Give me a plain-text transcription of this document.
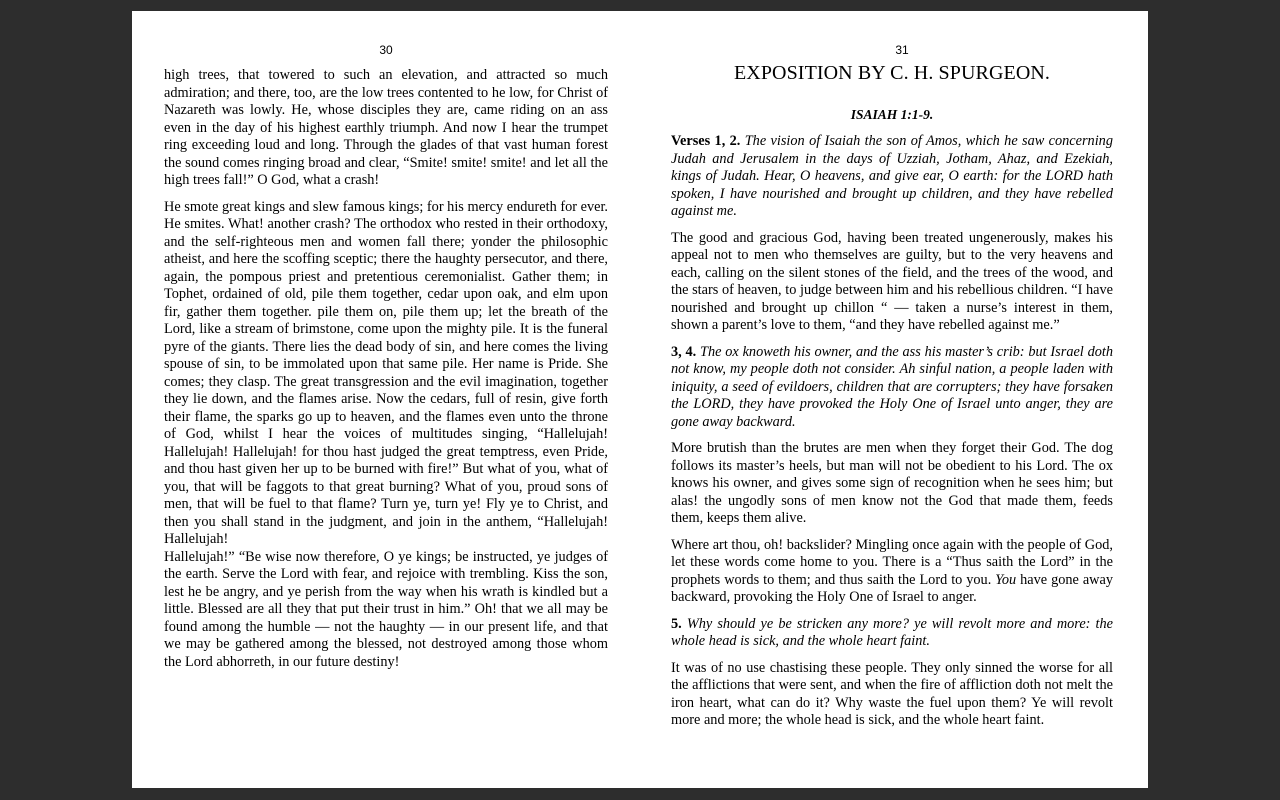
30

high trees, that towered to such an elevation, and attracted so much admiration; and there, too, are the low trees contented to he low, for Christ of Nazareth was lowly. He, whose disciples they are, came riding on an ass even in the day of his highest earthly triumph. And now I hear the trumpet ring exceeding loud and long. Through the glades of that vast human forest the sound comes ringing broad and clear, “Smite! smite! smite! and let all the high trees fall!” O God, what a crash!

He smote great kings and slew famous kings; for his mercy endureth for ever. He smites. What! another crash? The orthodox who rested in their orthodoxy, and the self-righteous men and women fall there; yonder the philosophic atheist, and here the scoffing sceptic; there the haughty persecutor, and there, again, the pompous priest and pretentious ceremonialist. Gather them; in Tophet, ordained of old, pile them together, cedar upon oak, and elm upon fir, gather them together. pile them on, pile them up; let the breath of the Lord, like a stream of brimstone, come upon the mighty pile. It is the funeral pyre of the giants. There lies the dead body of sin, and here comes the living spouse of sin, to be immolated upon that same pile. Her name is Pride. She comes; they clasp. The great transgression and the evil imagination, together they lie down, and the flames arise. Now the cedars, full of resin, give forth their flame, the sparks go up to heaven, and the flames even unto the throne of God, whilst I hear the voices of multitudes singing, “Hallelujah! Hallelujah! Hallelujah! for thou hast judged the great temptress, even Pride, and thou hast given her up to be burned with fire!” But what of you, what of you, that will be faggots to that great burning? What of you, proud sons of men, that will be fuel to that flame? Turn ye, turn ye! Fly ye to Christ, and then you shall stand in the judgment, and join in the anthem, “Hallelujah! Hallelujah!

Hallelujah!” “Be wise now therefore, O ye kings; be instructed, ye judges of the earth. Serve the Lord with fear, and rejoice with trembling. Kiss the son, lest he be angry, and ye perish from the way when his wrath is kindled but a little. Blessed are all they that put their trust in him.” Oh! that we all may be found among the humble — not the haughty — in our present life, and that we may be gathered among the blessed, not destroyed among those whom the Lord abhorreth, in our future destiny!

31
EXPOSITION BY C. H. SPURGEON.
ISAIAH 1:1-9.

Verses 1, 2. The vision of Isaiah the son of Amos, which he saw concerning Judah and Jerusalem in the days of Uzziah, Jotham, Ahaz, and Ezekiah, kings of Judah. Hear, O heavens, and give ear, O earth: for the LORD hath spoken, I have nourished and brought up children, and they have rebelled against me.

The good and gracious God, having been treated ungenerously, makes his appeal not to men who themselves are guilty, but to the very heavens and each, calling on the silent stones of the field, and the trees of the wood, and the stars of heaven, to judge between him and his rebellious children. “I have nourished and brought up chillon “ — taken a nurse’s interest in them, shown a parent’s love to them, “and they have rebelled against me.”

3, 4. The ox knoweth his owner, and the ass his master’s crib: but Israel doth not know, my people doth not consider. Ah sinful nation, a people laden with iniquity, a seed of evildoers, children that are corrupters; they have forsaken the LORD, they have provoked the Holy One of Israel unto anger, they are gone away backward.

More brutish than the brutes are men when they forget their God. The dog follows its master’s heels, but man will not be obedient to his Lord. The ox knows his owner, and gives some sign of recognition when he sees him; but alas! the ungodly sons of men know not the God that made them, feeds them, keeps them alive.

Where art thou, oh! backslider? Mingling once again with the people of God, let these words come home to you. There is a “Thus saith the Lord” in the prophets words to them; and thus saith the Lord to you. You have gone away backward, provoking the Holy One of Israel to anger.

5. Why should ye be stricken any more? ye will revolt more and more: the whole head is sick, and the whole heart faint.

It was of no use chastising these people. They only sinned the worse for all the afflictions that were sent, and when the fire of affliction doth not melt the iron heart, what can do it? Why waste the fuel upon them? Ye will revolt more and more; the whole head is sick, and the whole heart faint.
